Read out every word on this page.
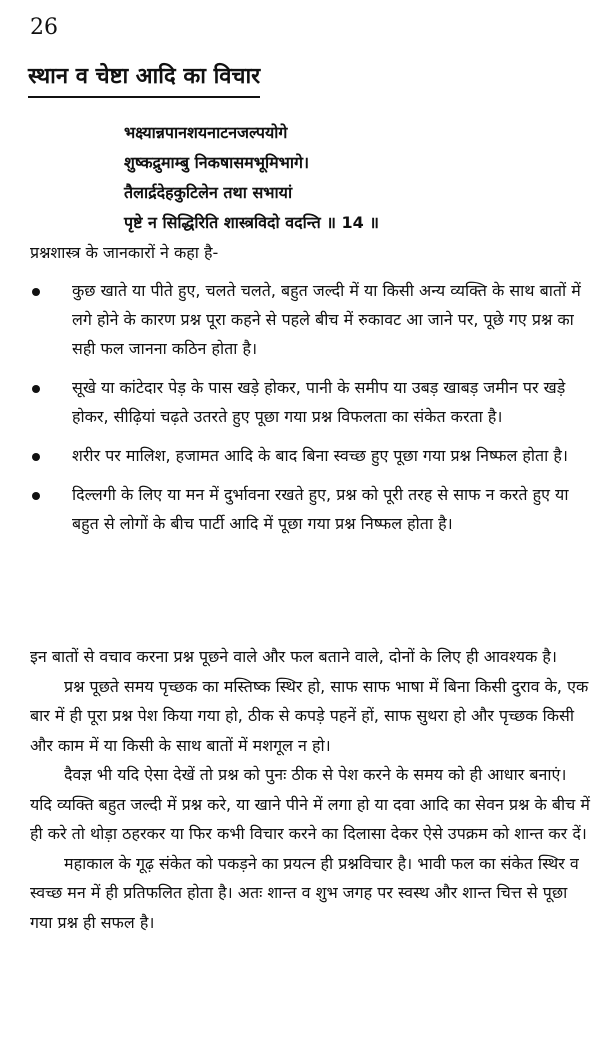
26
स्थान व चेष्टा आदि का विचार
भक्ष्यान्नपानशयनाटनजल्पयोगे
शुष्कद्रुमाम्बु निकषासमभूमिभागे।
तैलार्द्रदेहकुटिलेन तथा सभायां
पृष्टे न सिद्धिरिति शास्त्रविदो वदन्ति ॥ 14 ॥
प्रश्नशास्त्र के जानकारों ने कहा है-
कुछ खाते या पीते हुए, चलते चलते, बहुत जल्दी में या किसी अन्य व्यक्ति के साथ बातों में लगे होने के कारण प्रश्न पूरा कहने से पहले बीच में रुकावट आ जाने पर, पूछे गए प्रश्न का सही फल जानना कठिन होता है।
सूखे या कांटेदार पेड़ के पास खड़े होकर, पानी के समीप या उबड़ खाबड़ जमीन पर खड़े होकर, सीढ़ियां चढ़ते उतरते हुए पूछा गया प्रश्न विफलता का संकेत करता है।
शरीर पर मालिश, हजामत आदि के बाद बिना स्वच्छ हुए पूछा गया प्रश्न निष्फल होता है।
दिल्लगी के लिए या मन में दुर्भावना रखते हुए, प्रश्न को पूरी तरह से साफ न करते हुए या बहुत से लोगों के बीच पार्टी आदि में पूछा गया प्रश्न निष्फल होता है।

इन बातों से वचाव करना प्रश्न पूछने वाले और फल बताने वाले, दोनों के लिए ही आवश्यक है।

प्रश्न पूछते समय पृच्छक का मस्तिष्क स्थिर हो, साफ साफ भाषा में बिना किसी दुराव के, एक बार में ही पूरा प्रश्न पेश किया गया हो, ठीक से कपड़े पहनें हों, साफ सुथरा हो और पृच्छक किसी और काम में या किसी के साथ बातों में मशगूल न हो।

दैवज्ञ भी यदि ऐसा देखें तो प्रश्न को पुनः ठीक से पेश करने के समय को ही आधार बनाएं। यदि व्यक्ति बहुत जल्दी में प्रश्न करे, या खाने पीने में लगा हो या दवा आदि का सेवन प्रश्न के बीच में ही करे तो थोड़ा ठहरकर या फिर कभी विचार करने का दिलासा देकर ऐसे उपक्रम को शान्त कर दें।

महाकाल के गूढ़ संकेत को पकड़ने का प्रयत्न ही प्रश्नविचार है। भावी फल का संकेत स्थिर व स्वच्छ मन में ही प्रतिफलित होता है। अतः शान्त व शुभ जगह पर स्वस्थ और शान्त चित्त से पूछा गया प्रश्न ही सफल है।
